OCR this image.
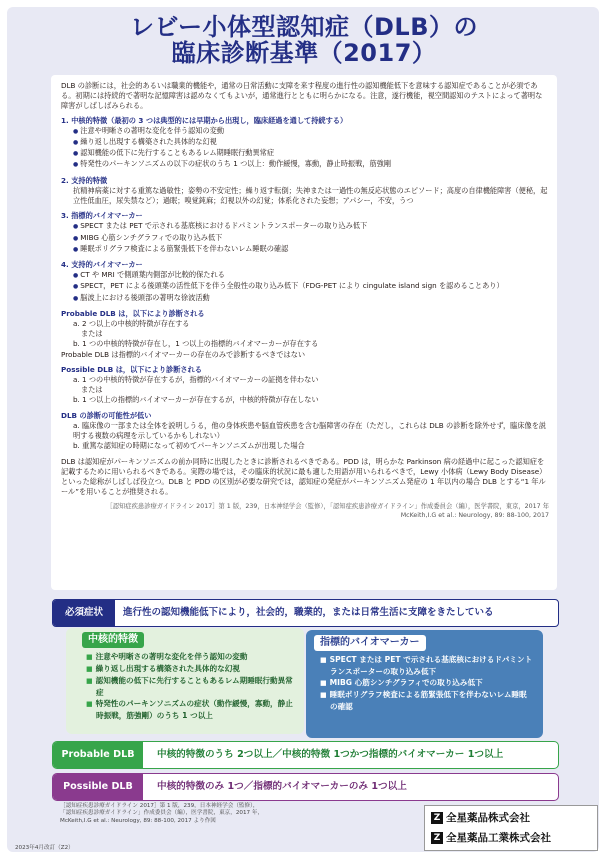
レビー小体型認知症（DLB）の
臨床診断基準（2017）

DLB の診断には，社会的あるいは職業的機能や，通常の日常活動に支障を来す程度の進行性の認知機能低下を意味する認知症であることが必須である。初期には持続的で著明な記憶障害は認めなくてもよいが，通常進行とともに明らかになる。注意，遂行機能，視空間認知のテストによって著明な障害がしばしばみられる。

1. 中核的特徴（最初の 3 つは典型的には早期から出現し，臨床経過を通して持続する）
● 注意や明晰さの著明な変化を伴う認知の変動
● 繰り返し出現する構築された具体的な幻視
● 認知機能の低下に先行することもあるレム期睡眠行動異常症
● 特発性のパーキンソニズムの以下の症状のうち 1 つ以上：動作緩慢，寡動，静止時振戦，筋強剛
2. 支持的特徴
抗精神病薬に対する重篤な過敏性；姿勢の不安定性；繰り返す転倒；失神または一過性の無反応状態のエピソード；高度の自律機能障害（便秘，起立性低血圧，尿失禁など）；過眠；嗅覚鈍麻；幻視以外の幻覚；体系化された妄想；アパシー，不安，うつ
3. 指標的バイオマーカー
● SPECT または PET で示される基底核におけるドパミントランスポーターの取り込み低下
● MIBG 心筋シンチグラフィでの取り込み低下
● 睡眠ポリグラフ検査による筋緊張低下を伴わないレム睡眠の確認
4. 支持的バイオマーカー
● CT や MRI で側頭葉内側部が比較的保たれる
● SPECT，PET による後頭葉の活性低下を伴う全般性の取り込み低下（FDG-PET により cingulate island sign を認めることあり）
● 脳波上における後頭部の著明な徐波活動
Probable DLB は，以下により診断される
a. 2 つ以上の中核的特徴が存在する
または
b. 1 つの中核的特徴が存在し，1 つ以上の指標的バイオマーカーが存在する
Probable DLB は指標的バイオマーカーの存在のみで診断するべきではない
Possible DLB は，以下により診断される
a. 1 つの中核的特徴が存在するが，指標的バイオマーカーの証拠を伴わない
または
b. 1 つ以上の指標的バイオマーカーが存在するが，中核的特徴が存在しない
DLB の診断の可能性が低い
a. 臨床像の一部または全体を説明しうる，他の身体疾患や脳血管疾患を含む脳障害の存在（ただし，これらは DLB の診断を除外せず，臨床像を説明する複数の病理を示しているかもしれない）
b. 重篤な認知症の時期になって初めてパーキンソニズムが出現した場合

DLB は認知症がパーキンソニズムの前か同時に出現したときに診断されるべきである。PDD は，明らかな Parkinson 病の経過中に起こった認知症を記載するために用いられるべきである。実際の場では，その臨床的状況に最も適した用語が用いられるべきで，Lewy 小体病（Lewy Body Disease）といった総称がしばしば役立つ。DLB と PDD の区別が必要な研究では，認知症の発症がパーキンソニズム発症の 1 年以内の場合 DLB とする“1 年ルール”を用いることが推奨される。

［認知症疾患診療ガイドライン 2017］第 1 版，239，日本神経学会（監修），「認知症疾患診療ガイドライン」作成委員会（編），医学書院，東京，2017 年
McKeith,I.G et al.: Neurology, 89: 88-100, 2017
必須症状	進行性の認知機能低下により，社会的，職業的，または日常生活に支障をきたしている
中核的特徴
■ 注意や明晰さの著明な変化を伴う認知の変動
■ 繰り返し出現する構築された具体的な幻視
■ 認知機能の低下に先行することもあるレム期睡眠行動異常症
■ 特発性のパーキンソニズムの症状（動作緩慢，寡動，静止時振戦，筋強剛）のうち 1 つ以上
指標的バイオマーカー
■ SPECT または PET で示される基底核におけるドパミントランスポーターの取り込み低下
■ MIBG 心筋シンチグラフィでの取り込み低下
■ 睡眠ポリグラフ検査による筋緊張低下を伴わないレム睡眠の確認
Probable DLB	中核的特徴のうち 2つ以上／中核的特徴 1つかつ指標的バイオマーカー 1つ以上
Possible DLB	中核的特徴のみ 1つ／指標的バイオマーカーのみ 1つ以上
［認知症疾患診療ガイドライン 2017］第 1 版，239，日本神経学会（監修），
「認知症疾患診療ガイドライン」作成委員会（編），医学書院，東京，2017 年，
McKeith,I.G et al.: Neurology, 89: 88-100, 2017 より作図
2023年4月改訂（Z2）
Z 全星薬品株式会社
Z 全星薬品工業株式会社
